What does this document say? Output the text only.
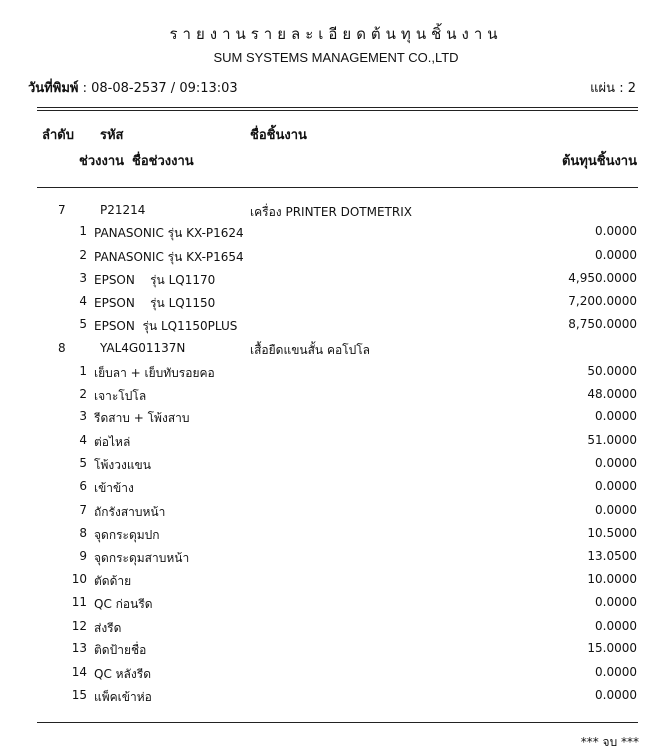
รายงานรายละเอียดต้นทุนชิ้นงาน
SUM SYSTEMS MANAGEMENT CO.,LTD
วันที่พิมพ์ : 08-08-2537 / 09:13:03	แผ่น : 2
ลำดับ รหัส	ชื่อชิ้นงาน
ช่วงงาน ชื่อช่วงงาน	ต้นทุนชิ้นงาน
7	P21214	เครื่อง PRINTER DOTMETRIX
1 PANASONIC รุ่น KX-P1624	0.0000
2 PANASONIC รุ่น KX-P1654	0.0000
3 EPSON    รุ่น LQ1170	4,950.0000
4 EPSON    รุ่น LQ1150	7,200.0000
5 EPSON  รุ่น LQ1150PLUS	8,750.0000
8	YAL4G01137N	เสื้อยืดแขนสั้น คอโปโล
1 เย็บลา + เย็บทับรอยคอ	50.0000
2 เจาะโปโล	48.0000
3 รีดสาบ + โพ้งสาบ	0.0000
4 ต่อไหล่	51.0000
5 โพ้งวงแขน	0.0000
6 เข้าข้าง	0.0000
7 ถักรังสาบหน้า	0.0000
8 จุดกระดุมปก	10.5000
9 จุดกระดุมสาบหน้า	13.0500
10 ตัดด้าย	10.0000
11 QC ก่อนรีด	0.0000
12 ส่งรีด	0.0000
13 ติดป้ายชื่อ	15.0000
14 QC หลังรีด	0.0000
15 แพ็คเข้าห่อ	0.0000
*** จบ ***
